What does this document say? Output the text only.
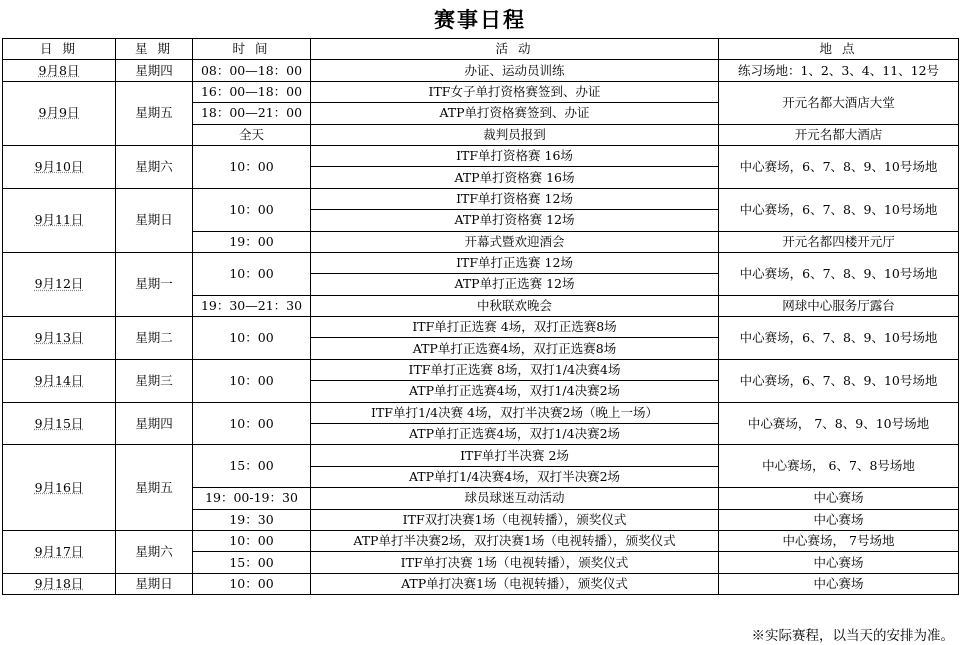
赛事日程
日 期	星 期	时 间	活 动	地 点
9月8日	星期四	08：00—18：00	办证、运动员训练	练习场地：1、2、3、4、11、12号
9月9日	星期五	16：00—18：00	ITF女子单打资格赛签到、办证	开元名都大酒店大堂
		18：00—21：00	ATP单打资格赛签到、办证	
		全天	裁判员报到	开元名都大酒店
9月10日	星期六	10：00	ITF单打资格赛 16场	中心赛场，6、7、8、9、10号场地
			ATP单打资格赛 16场	
9月11日	星期日	10：00	ITF单打资格赛 12场	中心赛场，6、7、8、9、10号场地
			ATP单打资格赛 12场	
		19：00	开幕式暨欢迎酒会	开元名都四楼开元厅
9月12日	星期一	10：00	ITF单打正选赛 12场	中心赛场，6、7、8、9、10号场地
			ATP单打正选赛 12场	
		19：30—21：30	中秋联欢晚会	网球中心服务厅露台
9月13日	星期二	10：00	ITF单打正选赛 4场，双打正选赛8场	中心赛场，6、7、8、9、10号场地
			ATP单打正选赛4场，双打正选赛8场	
9月14日	星期三	10：00	ITF单打正选赛 8场，双打1/4决赛4场	中心赛场，6、7、8、9、10号场地
			ATP单打正选赛4场，双打1/4决赛2场	
9月15日	星期四	10：00	ITF单打1/4决赛 4场，双打半决赛2场（晚上一场）	中心赛场， 7、8、9、10号场地
			ATP单打正选赛4场，双打1/4决赛2场	
9月16日	星期五	15：00	ITF单打半决赛 2场	中心赛场， 6、7、8号场地
			ATP单打1/4决赛4场，双打半决赛2场	
		19：00-19：30	球员球迷互动活动	中心赛场
		19：30	ITF双打决赛1场（电视转播），颁奖仪式	中心赛场
9月17日	星期六	10：00	ATP单打半决赛2场，双打决赛1场（电视转播），颁奖仪式	中心赛场， 7号场地
		15：00	ITF单打决赛 1场（电视转播），颁奖仪式	中心赛场
9月18日	星期日	10：00	ATP单打决赛1场（电视转播），颁奖仪式	中心赛场
※实际赛程，以当天的安排为准。
